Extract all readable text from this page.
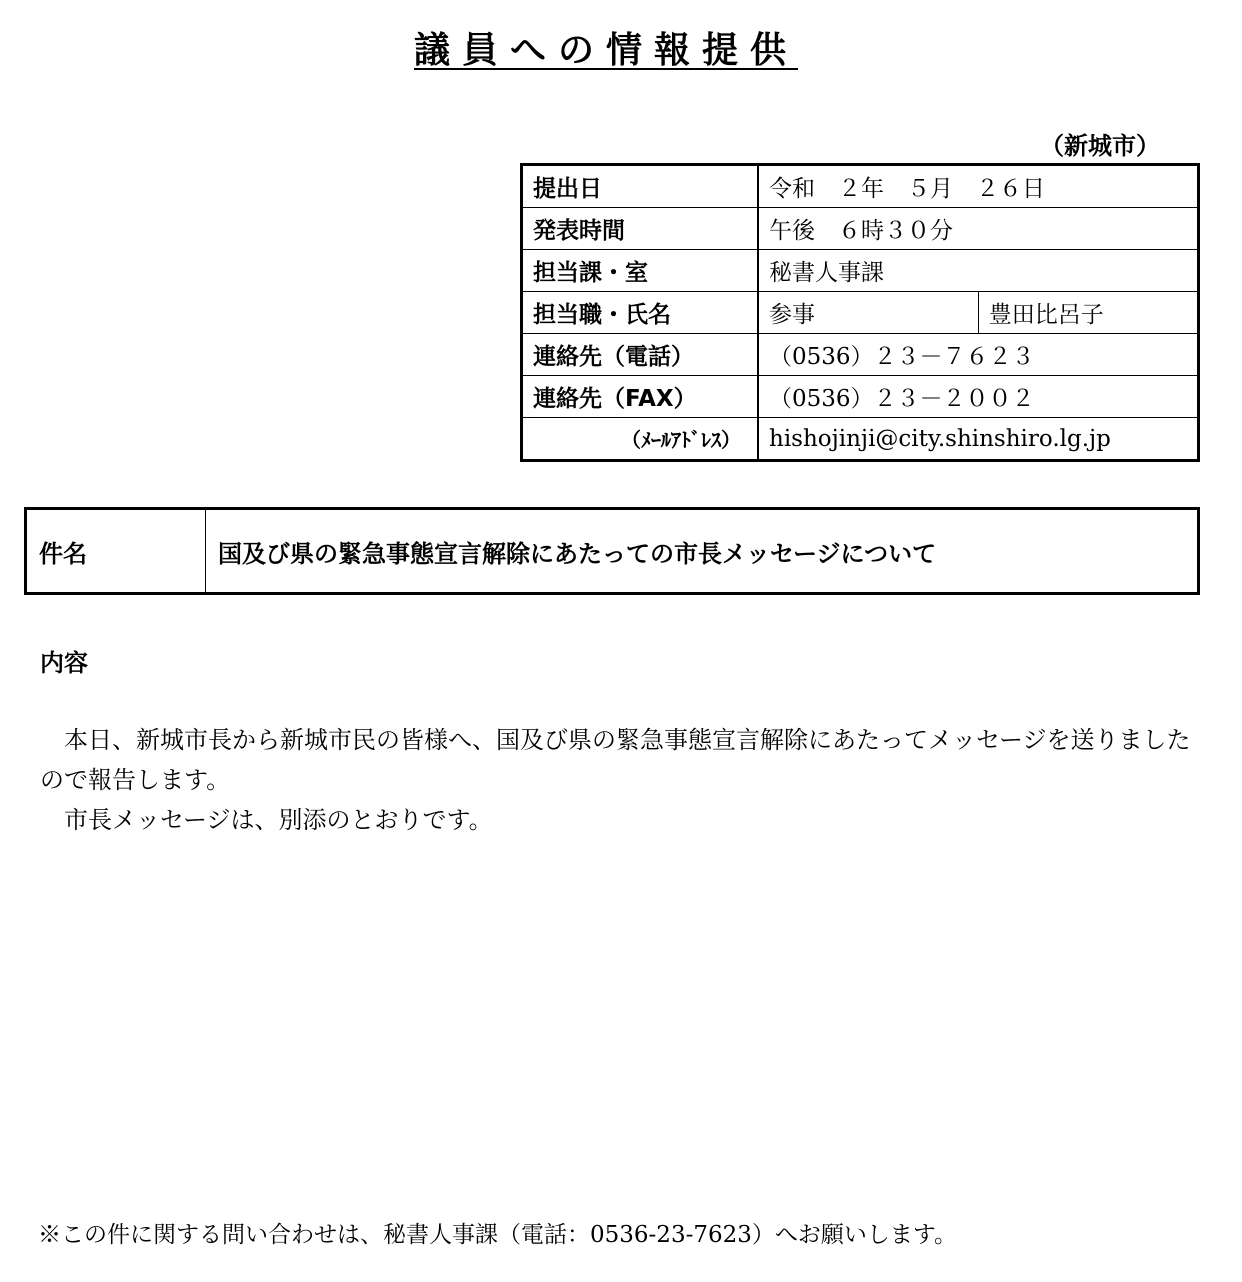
議員への情報提供
（新城市）
提出日	令和　２年　５月　２６日	
発表時間	午後　６時３０分	
担当課・室	秘書人事課	
担当職・氏名	参事	豊田比呂子
連絡先（電話）	（0536）２３－７６２３	
連絡先（FAX）	（0536）２３－２００２	
（ﾒｰﾙｱﾄﾞﾚｽ）	hishojinji@city.shinshiro.lg.jp	
件名	国及び県の緊急事態宣言解除にあたっての市長メッセージについて
内容

本日、新城市長から新城市民の皆様へ、国及び県の緊急事態宣言解除にあたってメッセージを送りましたので報告します。

市長メッセージは、別添のとおりです。

※この件に関する問い合わせは、秘書人事課（電話：0536-23-7623）へお願いします。
